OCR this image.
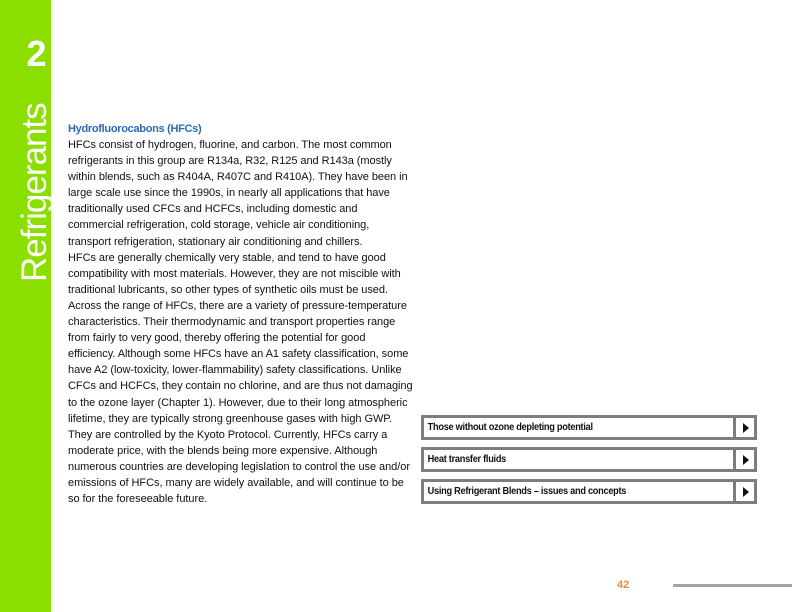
2
Refrigerants Hydrofluorocabons (HFCs)

HFCs consist of hydrogen, fluorine, and carbon. The most common refrigerants in this group are R134a, R32, R125 and R143a (mostly within blends, such as R404A, R407C and R410A). They have been in large scale use since the 1990s, in nearly all applications that have traditionally used CFCs and HCFCs, including domestic and commercial refrigeration, cold storage, vehicle air conditioning, transport refrigeration, stationary air conditioning and chillers.

HFCs are generally chemically very stable, and tend to have good compatibility with most materials. However, they are not miscible with traditional lubricants, so other types of synthetic oils must be used. Across the range of HFCs, there are a variety of pressure-temperature characteristics. Their thermodynamic and transport properties range from fairly to very good, thereby offering the potential for good efficiency. Although some HFCs have an A1 safety classification, some have A2 (low-toxicity, lower-flammability) safety classifications. Unlike CFCs and HCFCs, they contain no chlorine, and are thus not damaging to the ozone layer (Chapter 1). However, due to their long atmospheric lifetime, they are typically strong greenhouse gases with high GWP. They are controlled by the Kyoto Protocol. Currently, HFCs carry a moderate price, with the blends being more expensive. Although numerous countries are developing legislation to control the use and/or emissions of HFCs, many are widely available, and will continue to be so for the foreseeable future.

Those without ozone depleting potential
Heat transfer fluids
Using Refrigerant Blends – issues and concepts
42
